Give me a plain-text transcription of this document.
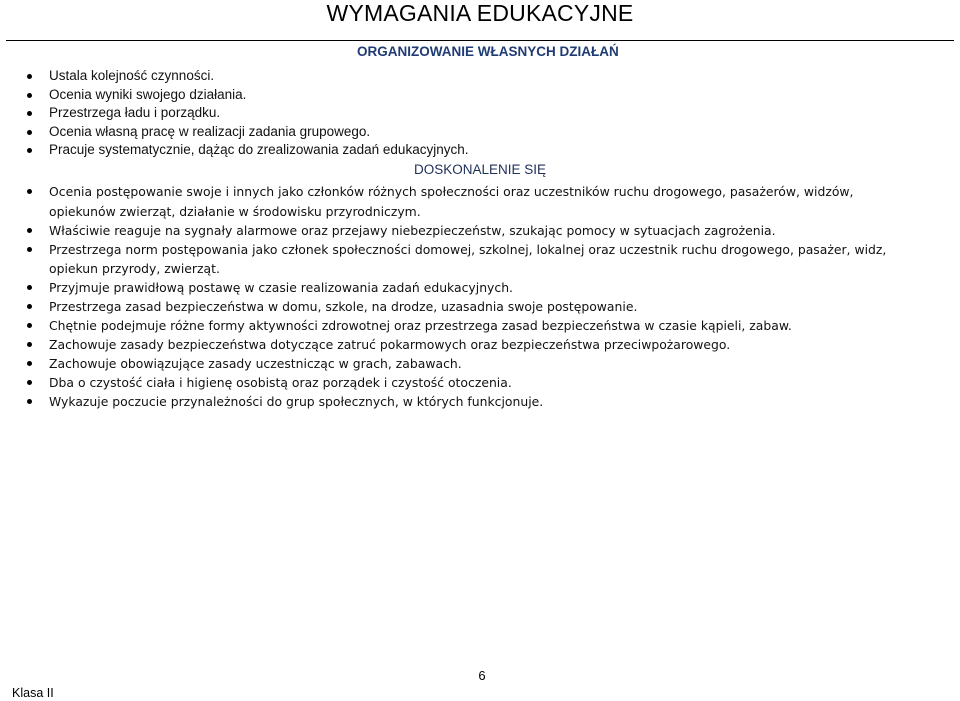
WYMAGANIA EDUKACYJNE
ORGANIZOWANIE WŁASNYCH DZIAŁAŃ
Ustala kolejność czynności.
Ocenia wyniki swojego działania.
Przestrzega ładu i porządku.
Ocenia własną pracę w realizacji zadania grupowego.
Pracuje systematycznie, dążąc do zrealizowania zadań edukacyjnych.
DOSKONALENIE SIĘ
Ocenia postępowanie swoje i innych jako członków różnych społeczności oraz uczestników ruchu drogowego, pasażerów, widzów, opiekunów zwierząt, działanie w środowisku przyrodniczym.
Właściwie reaguje na sygnały alarmowe oraz przejawy niebezpieczeństw, szukając pomocy w sytuacjach zagrożenia.
Przestrzega norm postępowania jako członek społeczności domowej, szkolnej, lokalnej oraz uczestnik ruchu drogowego, pasażer, widz, opiekun przyrody, zwierząt.
Przyjmuje prawidłową postawę w czasie realizowania zadań edukacyjnych.
Przestrzega zasad bezpieczeństwa w domu, szkole, na drodze, uzasadnia swoje postępowanie.
Chętnie podejmuje różne formy aktywności zdrowotnej oraz przestrzega zasad bezpieczeństwa w czasie kąpieli, zabaw.
Zachowuje zasady bezpieczeństwa dotyczące zatruć pokarmowych oraz bezpieczeństwa przeciwpożarowego.
Zachowuje obowiązujące zasady uczestnicząc w grach, zabawach.
Dba o czystość ciała i higienę osobistą oraz porządek i czystość otoczenia.
Wykazuje poczucie przynależności do grup społecznych, w których funkcjonuje.
6
Klasa II
